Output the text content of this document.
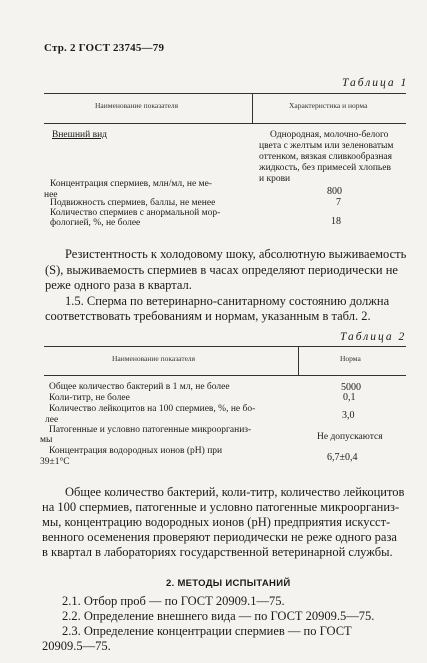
Стр. 2 ГОСТ 23745—79
Таблица 1
Наименование показателя	Характеристика и норма
Внешний вид	Однородная, молочно-белого
цвета с желтым или зеленоватым
оттенком, вязкая сливкообразная
жидкость, без примесей хлопьев
и крови
Концентрация спермиев, млн/мл, не ме-
нее	800
Подвижность спермиев, баллы, не менее	7
Количество спермиев с анормальной мор-
фологией, %, не более	18
Резистентность к холодовому шоку, абсолютную выживаемость
(S), выживаемость спермиев в часах определяют периодически не
реже одного раза в квартал.
1.5. Сперма по ветеринарно-санитарному состоянию должна
соответствовать требованиям и нормам, указанным в табл. 2.
Таблица 2
Наименование показателя	Норма
Общее количество бактерий в 1 мл, не более	5000
Коли-титр, не более	0,1
Количество лейкоцитов на 100 спермиев, %, не бо-
лее	3,0
Патогенные и условно патогенные микроорганиз-
мы	Не допускаются
Концентрация водородных ионов (pH) при
39±1°С	6,7±0,4
Общее количество бактерий, коли-титр, количество лейкоцитов
на 100 спермиев, патогенные и условно патогенные микроорганиз-
мы, концентрацию водородных ионов (pH) предприятия искусст-
венного осеменения проверяют периодически не реже одного раза
в квартал в лабораториях государственной ветеринарной службы.
2. МЕТОДЫ ИСПЫТАНИЙ
2.1. Отбор проб — по ГОСТ 20909.1—75.
2.2. Определение внешнего вида — по ГОСТ 20909.5—75.
2.3. Определение концентрации спермиев — по ГОСТ
20909.5—75.
